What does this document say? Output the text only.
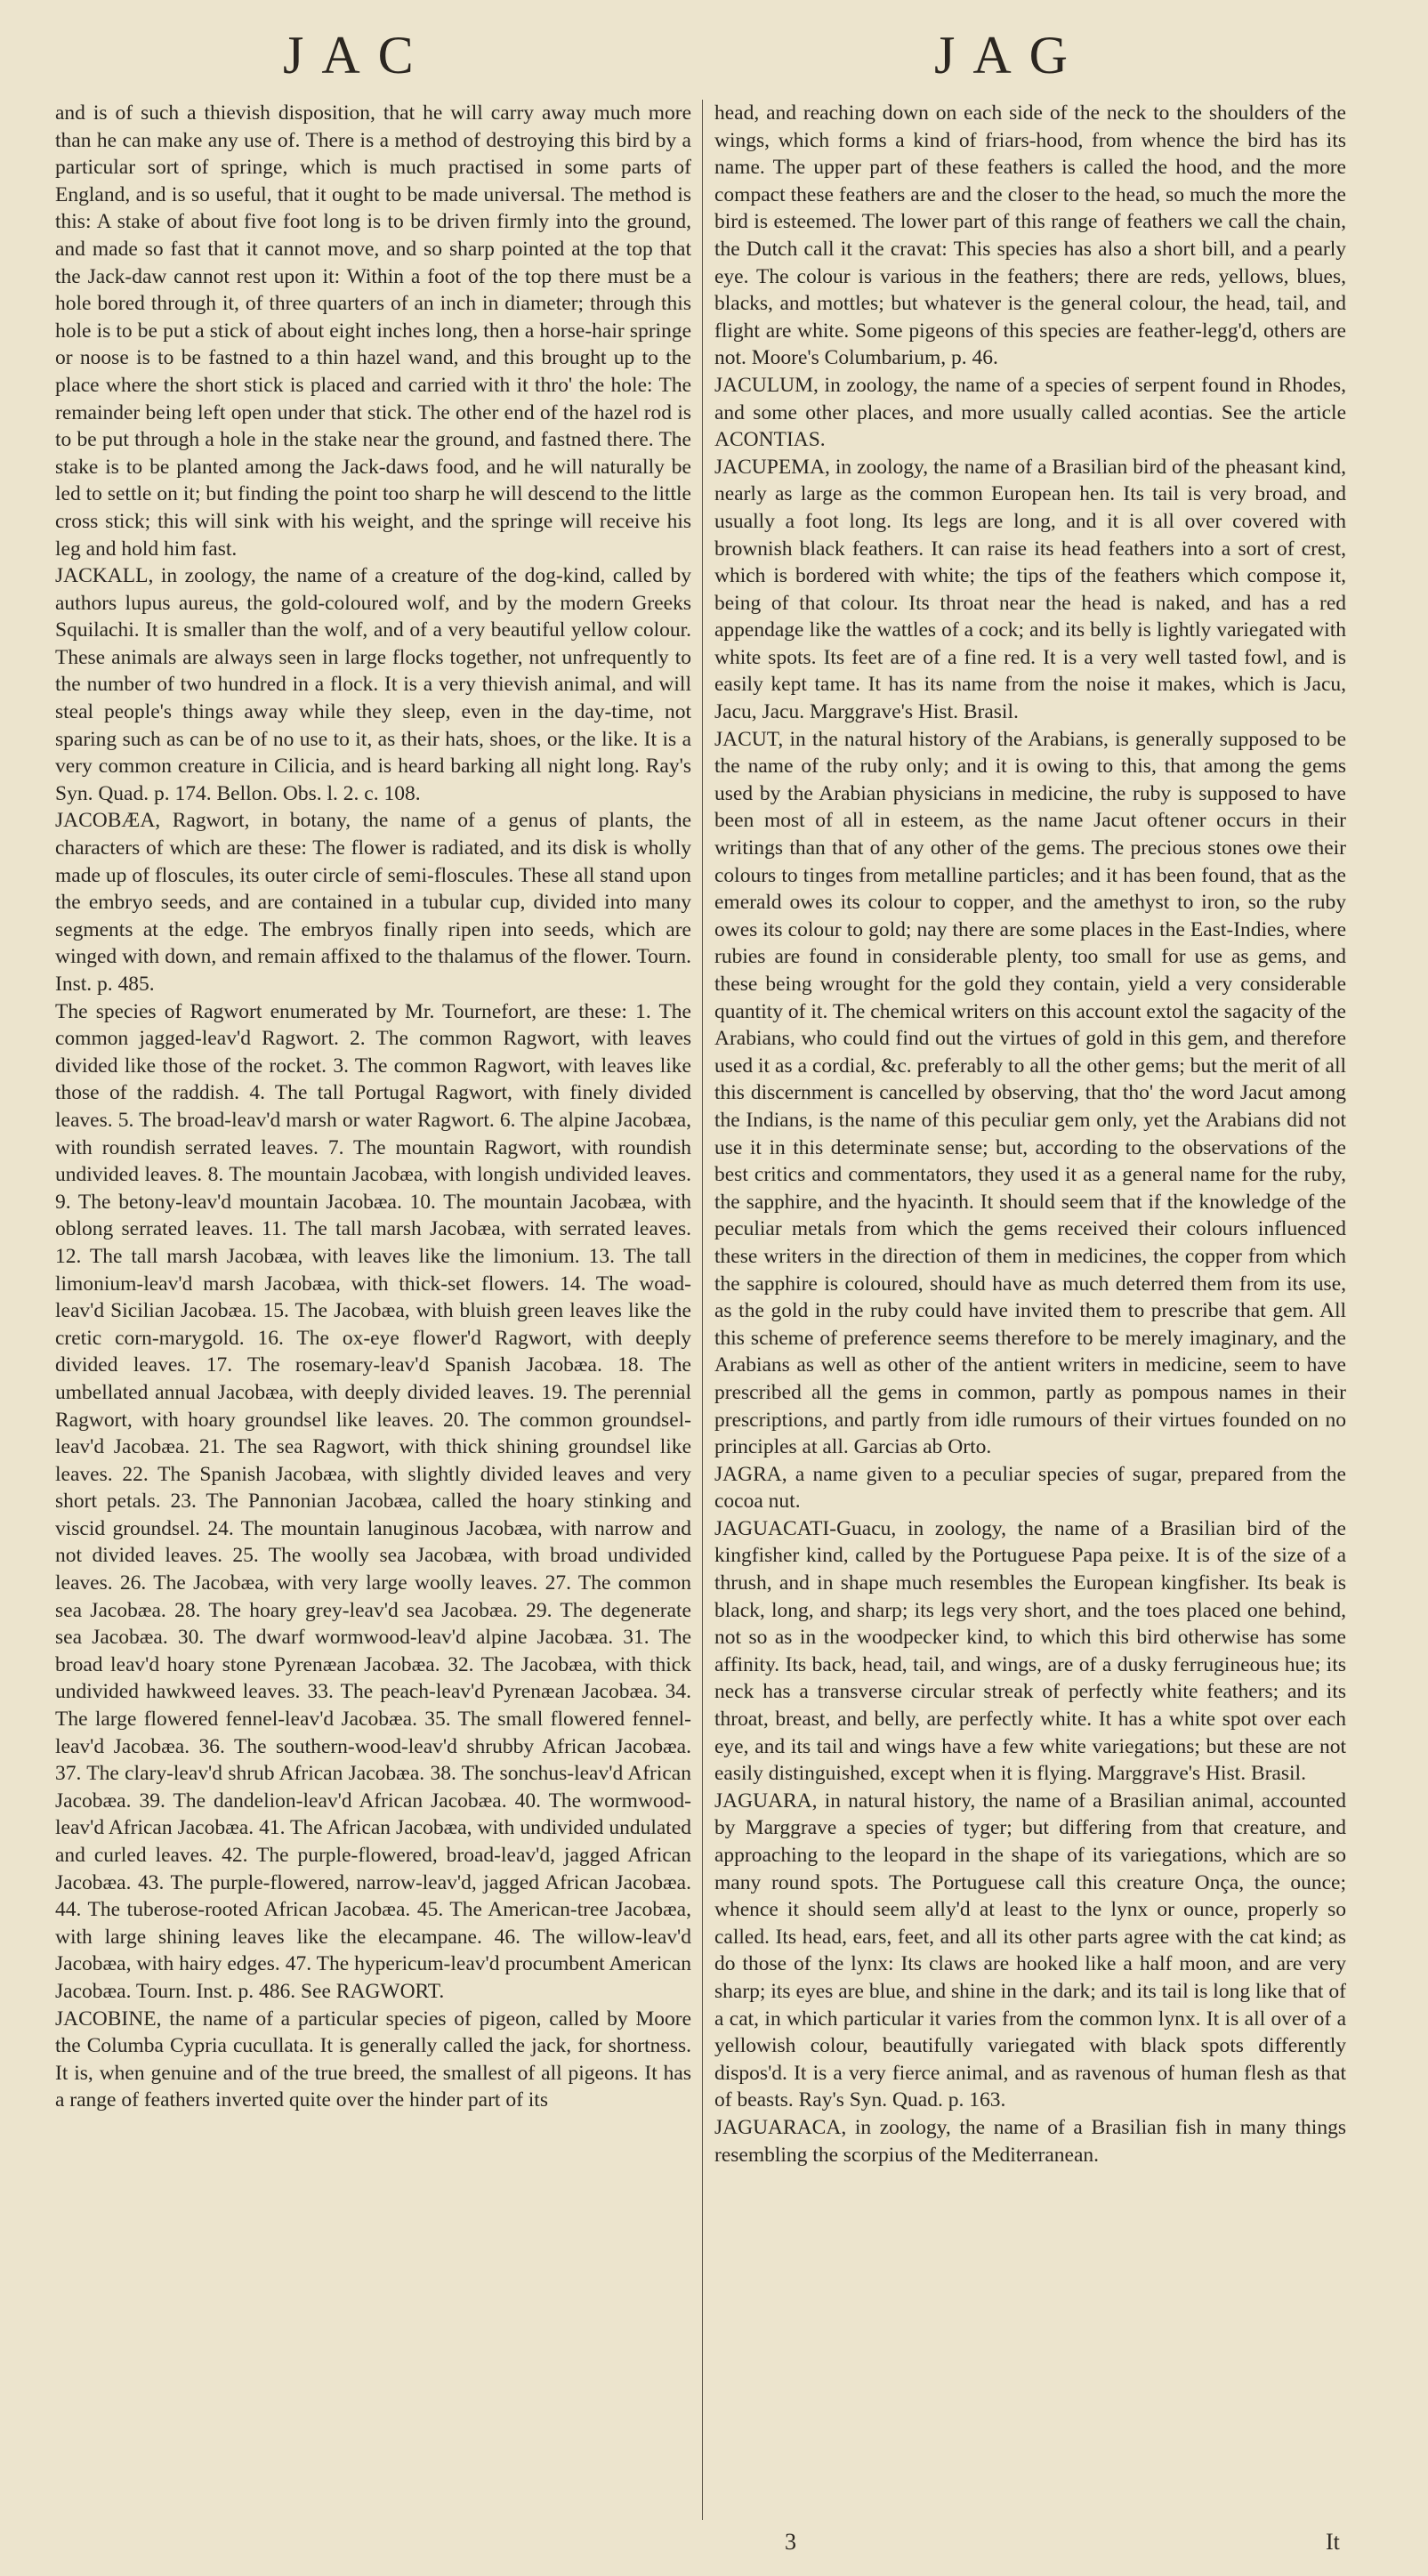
JAC	JAG

and is of such a thievish disposition, that he will carry away much more than he can make any use of. There is a method of destroying this bird by a particular sort of springe, which is much practised in some parts of England, and is so useful, that it ought to be made universal. The method is this: A stake of about five foot long is to be driven firmly into the ground, and made so fast that it cannot move, and so sharp pointed at the top that the Jack-daw cannot rest upon it: Within a foot of the top there must be a hole bored through it, of three quarters of an inch in diameter; through this hole is to be put a stick of about eight inches long, then a horse-hair springe or noose is to be fastned to a thin hazel wand, and this brought up to the place where the short stick is placed and carried with it thro' the hole: The remainder being left open under that stick. The other end of the hazel rod is to be put through a hole in the stake near the ground, and fastned there. The stake is to be planted among the Jack-daws food, and he will naturally be led to settle on it; but finding the point too sharp he will descend to the little cross stick; this will sink with his weight, and the springe will receive his leg and hold him fast.

JACKALL, in zoology, the name of a creature of the dog-kind, called by authors lupus aureus, the gold-coloured wolf, and by the modern Greeks Squilachi. It is smaller than the wolf, and of a very beautiful yellow colour. These animals are always seen in large flocks together, not unfrequently to the number of two hundred in a flock. It is a very thievish animal, and will steal people's things away while they sleep, even in the day-time, not sparing such as can be of no use to it, as their hats, shoes, or the like. It is a very common creature in Cilicia, and is heard barking all night long. Ray's Syn. Quad. p. 174. Bellon. Obs. l. 2. c. 108.

JACOBÆA, Ragwort, in botany, the name of a genus of plants, the characters of which are these: The flower is radiated, and its disk is wholly made up of floscules, its outer circle of semi-floscules. These all stand upon the embryo seeds, and are contained in a tubular cup, divided into many segments at the edge. The embryos finally ripen into seeds, which are winged with down, and remain affixed to the thalamus of the flower. Tourn. Inst. p. 485.

The species of Ragwort enumerated by Mr. Tournefort, are these: 1. The common jagged-leav'd Ragwort. 2. The common Ragwort, with leaves divided like those of the rocket. 3. The common Ragwort, with leaves like those of the raddish. 4. The tall Portugal Ragwort, with finely divided leaves. 5. The broad-leav'd marsh or water Ragwort. 6. The alpine Jacobæa, with roundish serrated leaves. 7. The mountain Ragwort, with roundish undivided leaves. 8. The mountain Jacobæa, with longish undivided leaves. 9. The betony-leav'd mountain Jacobæa. 10. The mountain Jacobæa, with oblong serrated leaves. 11. The tall marsh Jacobæa, with serrated leaves. 12. The tall marsh Jacobæa, with leaves like the limonium. 13. The tall limonium-leav'd marsh Jacobæa, with thick-set flowers. 14. The woad-leav'd Sicilian Jacobæa. 15. The Jacobæa, with bluish green leaves like the cretic corn-marygold. 16. The ox-eye flower'd Ragwort, with deeply divided leaves. 17. The rosemary-leav'd Spanish Jacobæa. 18. The umbellated annual Jacobæa, with deeply divided leaves. 19. The perennial Ragwort, with hoary groundsel like leaves. 20. The common groundsel-leav'd Jacobæa. 21. The sea Ragwort, with thick shining groundsel like leaves. 22. The Spanish Jacobæa, with slightly divided leaves and very short petals. 23. The Pannonian Jacobæa, called the hoary stinking and viscid groundsel. 24. The mountain lanuginous Jacobæa, with narrow and not divided leaves. 25. The woolly sea Jacobæa, with broad undivided leaves. 26. The Jacobæa, with very large woolly leaves. 27. The common sea Jacobæa. 28. The hoary grey-leav'd sea Jacobæa. 29. The degenerate sea Jacobæa. 30. The dwarf wormwood-leav'd alpine Jacobæa. 31. The broad leav'd hoary stone Pyrenæan Jacobæa. 32. The Jacobæa, with thick undivided hawkweed leaves. 33. The peach-leav'd Pyrenæan Jacobæa. 34. The large flowered fennel-leav'd Jacobæa. 35. The small flowered fennel-leav'd Jacobæa. 36. The southern-wood-leav'd shrubby African Jacobæa. 37. The clary-leav'd shrub African Jacobæa. 38. The sonchus-leav'd African Jacobæa. 39. The dandelion-leav'd African Jacobæa. 40. The wormwood-leav'd African Jacobæa. 41. The African Jacobæa, with undivided undulated and curled leaves. 42. The purple-flowered, broad-leav'd, jagged African Jacobæa. 43. The purple-flowered, narrow-leav'd, jagged African Jacobæa. 44. The tuberose-rooted African Jacobæa. 45. The American-tree Jacobæa, with large shining leaves like the elecampane. 46. The willow-leav'd Jacobæa, with hairy edges. 47. The hypericum-leav'd procumbent American Jacobæa. Tourn. Inst. p. 486. See RAGWORT.

JACOBINE, the name of a particular species of pigeon, called by Moore the Columba Cypria cucullata. It is generally called the jack, for shortness. It is, when genuine and of the true breed, the smallest of all pigeons. It has a range of feathers inverted quite over the hinder part of its

head, and reaching down on each side of the neck to the shoulders of the wings, which forms a kind of friars-hood, from whence the bird has its name. The upper part of these feathers is called the hood, and the more compact these feathers are and the closer to the head, so much the more the bird is esteemed. The lower part of this range of feathers we call the chain, the Dutch call it the cravat: This species has also a short bill, and a pearly eye. The colour is various in the feathers; there are reds, yellows, blues, blacks, and mottles; but whatever is the general colour, the head, tail, and flight are white. Some pigeons of this species are feather-legg'd, others are not. Moore's Columbarium, p. 46.

JACULUM, in zoology, the name of a species of serpent found in Rhodes, and some other places, and more usually called acontias. See the article ACONTIAS.

JACUPEMA, in zoology, the name of a Brasilian bird of the pheasant kind, nearly as large as the common European hen. Its tail is very broad, and usually a foot long. Its legs are long, and it is all over covered with brownish black feathers. It can raise its head feathers into a sort of crest, which is bordered with white; the tips of the feathers which compose it, being of that colour. Its throat near the head is naked, and has a red appendage like the wattles of a cock; and its belly is lightly variegated with white spots. Its feet are of a fine red. It is a very well tasted fowl, and is easily kept tame. It has its name from the noise it makes, which is Jacu, Jacu, Jacu. Marggrave's Hist. Brasil.

JACUT, in the natural history of the Arabians, is generally supposed to be the name of the ruby only; and it is owing to this, that among the gems used by the Arabian physicians in medicine, the ruby is supposed to have been most of all in esteem, as the name Jacut oftener occurs in their writings than that of any other of the gems. The precious stones owe their colours to tinges from metalline particles; and it has been found, that as the emerald owes its colour to copper, and the amethyst to iron, so the ruby owes its colour to gold; nay there are some places in the East-Indies, where rubies are found in considerable plenty, too small for use as gems, and these being wrought for the gold they contain, yield a very considerable quantity of it. The chemical writers on this account extol the sagacity of the Arabians, who could find out the virtues of gold in this gem, and therefore used it as a cordial, &c. preferably to all the other gems; but the merit of all this discernment is cancelled by observing, that tho' the word Jacut among the Indians, is the name of this peculiar gem only, yet the Arabians did not use it in this determinate sense; but, according to the observations of the best critics and commentators, they used it as a general name for the ruby, the sapphire, and the hyacinth. It should seem that if the knowledge of the peculiar metals from which the gems received their colours influenced these writers in the direction of them in medicines, the copper from which the sapphire is coloured, should have as much deterred them from its use, as the gold in the ruby could have invited them to prescribe that gem. All this scheme of preference seems therefore to be merely imaginary, and the Arabians as well as other of the antient writers in medicine, seem to have prescribed all the gems in common, partly as pompous names in their prescriptions, and partly from idle rumours of their virtues founded on no principles at all. Garcias ab Orto.

JAGRA, a name given to a peculiar species of sugar, prepared from the cocoa nut.

JAGUACATI-Guacu, in zoology, the name of a Brasilian bird of the kingfisher kind, called by the Portuguese Papa peixe. It is of the size of a thrush, and in shape much resembles the European kingfisher. Its beak is black, long, and sharp; its legs very short, and the toes placed one behind, not so as in the woodpecker kind, to which this bird otherwise has some affinity. Its back, head, tail, and wings, are of a dusky ferrugineous hue; its neck has a transverse circular streak of perfectly white feathers; and its throat, breast, and belly, are perfectly white. It has a white spot over each eye, and its tail and wings have a few white variegations; but these are not easily distinguished, except when it is flying. Marggrave's Hist. Brasil.

JAGUARA, in natural history, the name of a Brasilian animal, accounted by Marggrave a species of tyger; but differing from that creature, and approaching to the leopard in the shape of its variegations, which are so many round spots. The Portuguese call this creature Onça, the ounce; whence it should seem ally'd at least to the lynx or ounce, properly so called. Its head, ears, feet, and all its other parts agree with the cat kind; as do those of the lynx: Its claws are hooked like a half moon, and are very sharp; its eyes are blue, and shine in the dark; and its tail is long like that of a cat, in which particular it varies from the common lynx. It is all over of a yellowish colour, beautifully variegated with black spots differently dispos'd. It is a very fierce animal, and as ravenous of human flesh as that of beasts. Ray's Syn. Quad. p. 163.

JAGUARACA, in zoology, the name of a Brasilian fish in many things resembling the scorpius of the Mediterranean.

3	It
